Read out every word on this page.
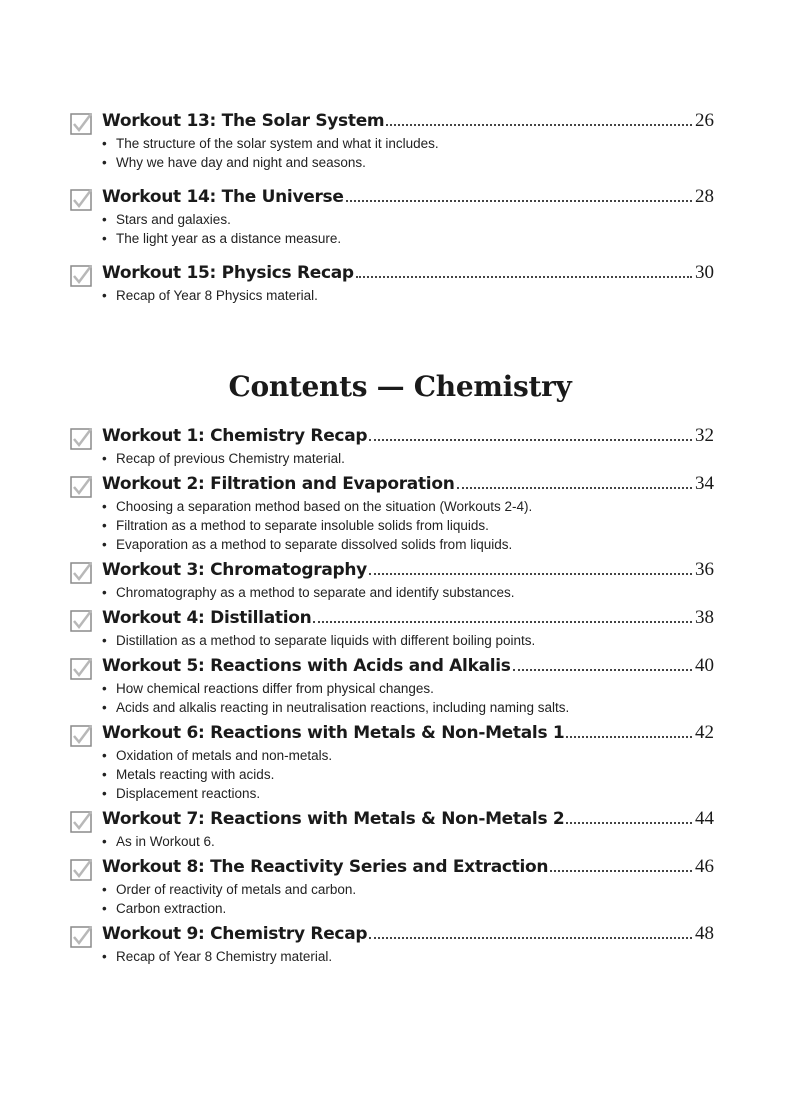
Workout 13: The Solar System	26
• The structure of the solar system and what it includes.
• Why we have day and night and seasons.
Workout 14: The Universe	28
• Stars and galaxies.
• The light year as a distance measure.
Workout 15: Physics Recap	30
• Recap of Year 8 Physics material.
Contents — Chemistry
Workout 1: Chemistry Recap	32
• Recap of previous Chemistry material.
Workout 2: Filtration and Evaporation	34
• Choosing a separation method based on the situation (Workouts 2-4).
• Filtration as a method to separate insoluble solids from liquids.
• Evaporation as a method to separate dissolved solids from liquids.
Workout 3: Chromatography	36
• Chromatography as a method to separate and identify substances.
Workout 4: Distillation	38
• Distillation as a method to separate liquids with different boiling points.
Workout 5: Reactions with Acids and Alkalis	40
• How chemical reactions differ from physical changes.
• Acids and alkalis reacting in neutralisation reactions, including naming salts.
Workout 6: Reactions with Metals & Non-Metals 1	42
• Oxidation of metals and non-metals.
• Metals reacting with acids.
• Displacement reactions.
Workout 7: Reactions with Metals & Non-Metals 2	44
• As in Workout 6.
Workout 8: The Reactivity Series and Extraction	46
• Order of reactivity of metals and carbon.
• Carbon extraction.
Workout 9: Chemistry Recap	48
• Recap of Year 8 Chemistry material.
